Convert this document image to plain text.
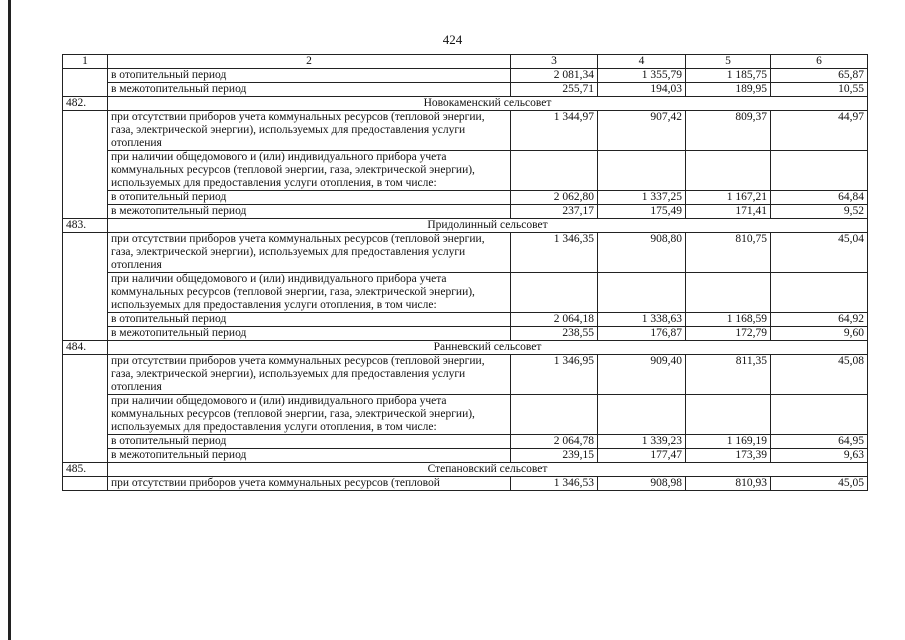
424
1	2	3	4	5	6
	в отопительный период	2 081,34	1 355,79	1 185,75	65,87
	в межотопительный период	255,71	194,03	189,95	10,55
482.	Новокаменский сельсовет				
	при отсутствии приборов учета коммунальных ресурсов (тепловой энергии, газа, электрической энергии), используемых для предоставления услуги отопления	1 344,97	907,42	809,37	44,97
	при наличии общедомового и (или) индивидуального прибора учета коммунальных ресурсов (тепловой энергии, газа, электрической энергии), используемых для предоставления услуги отопления, в том числе:				
	в отопительный период	2 062,80	1 337,25	1 167,21	64,84
	в межотопительный период	237,17	175,49	171,41	9,52
483.	Придолинный сельсовет				
	при отсутствии приборов учета коммунальных ресурсов (тепловой энергии, газа, электрической энергии), используемых для предоставления услуги отопления	1 346,35	908,80	810,75	45,04
	при наличии общедомового и (или) индивидуального прибора учета коммунальных ресурсов (тепловой энергии, газа, электрической энергии), используемых для предоставления услуги отопления, в том числе:				
	в отопительный период	2 064,18	1 338,63	1 168,59	64,92
	в межотопительный период	238,55	176,87	172,79	9,60
484.	Ранневский сельсовет				
	при отсутствии приборов учета коммунальных ресурсов (тепловой энергии, газа, электрической энергии), используемых для предоставления услуги отопления	1 346,95	909,40	811,35	45,08
	при наличии общедомового и (или) индивидуального прибора учета коммунальных ресурсов (тепловой энергии, газа, электрической энергии), используемых для предоставления услуги отопления, в том числе:				
	в отопительный период	2 064,78	1 339,23	1 169,19	64,95
	в межотопительный период	239,15	177,47	173,39	9,63
485.	Степановский сельсовет				
	при отсутствии приборов учета коммунальных ресурсов (тепловой	1 346,53	908,98	810,93	45,05
